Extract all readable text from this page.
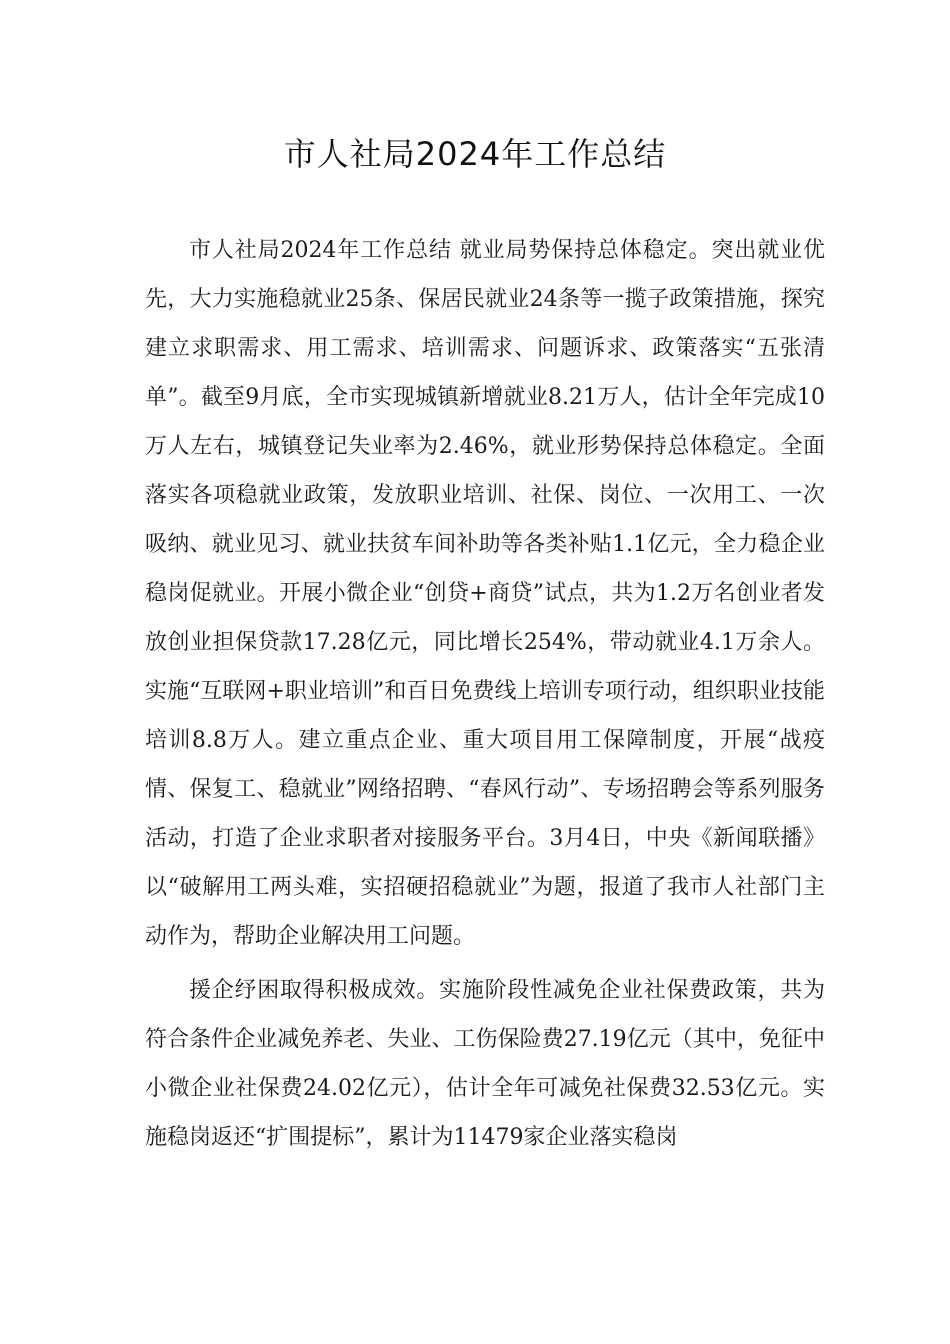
市人社局2024年工作总结

市人社局2024年工作总结 就业局势保持总体稳定。突出就业优先，大力实施稳就业25条、保居民就业24条等一揽子政策措施，探究建立求职需求、用工需求、培训需求、问题诉求、政策落实“五张清单”。截至9月底，全市实现城镇新增就业8.21万人，估计全年完成10万人左右，城镇登记失业率为2.46%，就业形势保持总体稳定。全面落实各项稳就业政策，发放职业培训、社保、岗位、一次用工、一次吸纳、就业见习、就业扶贫车间补助等各类补贴1.1亿元，全力稳企业稳岗促就业。开展小微企业“创贷+商贷”试点，共为1.2万名创业者发放创业担保贷款17.28亿元，同比增长254%，带动就业4.1万余人。实施“互联网+职业培训”和百日免费线上培训专项行动，组织职业技能培训8.8万人。建立重点企业、重大项目用工保障制度，开展“战疫情、保复工、稳就业”网络招聘、“春风行动”、专场招聘会等系列服务活动，打造了企业求职者对接服务平台。3月4日，中央《新闻联播》以“破解用工两头难，实招硬招稳就业”为题，报道了我市人社部门主动作为，帮助企业解决用工问题。

援企纾困取得积极成效。实施阶段性减免企业社保费政策，共为符合条件企业减免养老、失业、工伤保险费27.19亿元（其中，免征中小微企业社保费24.02亿元），估计全年可减免社保费32.53亿元。实施稳岗返还“扩围提标”，累计为11479家企业落实稳岗
